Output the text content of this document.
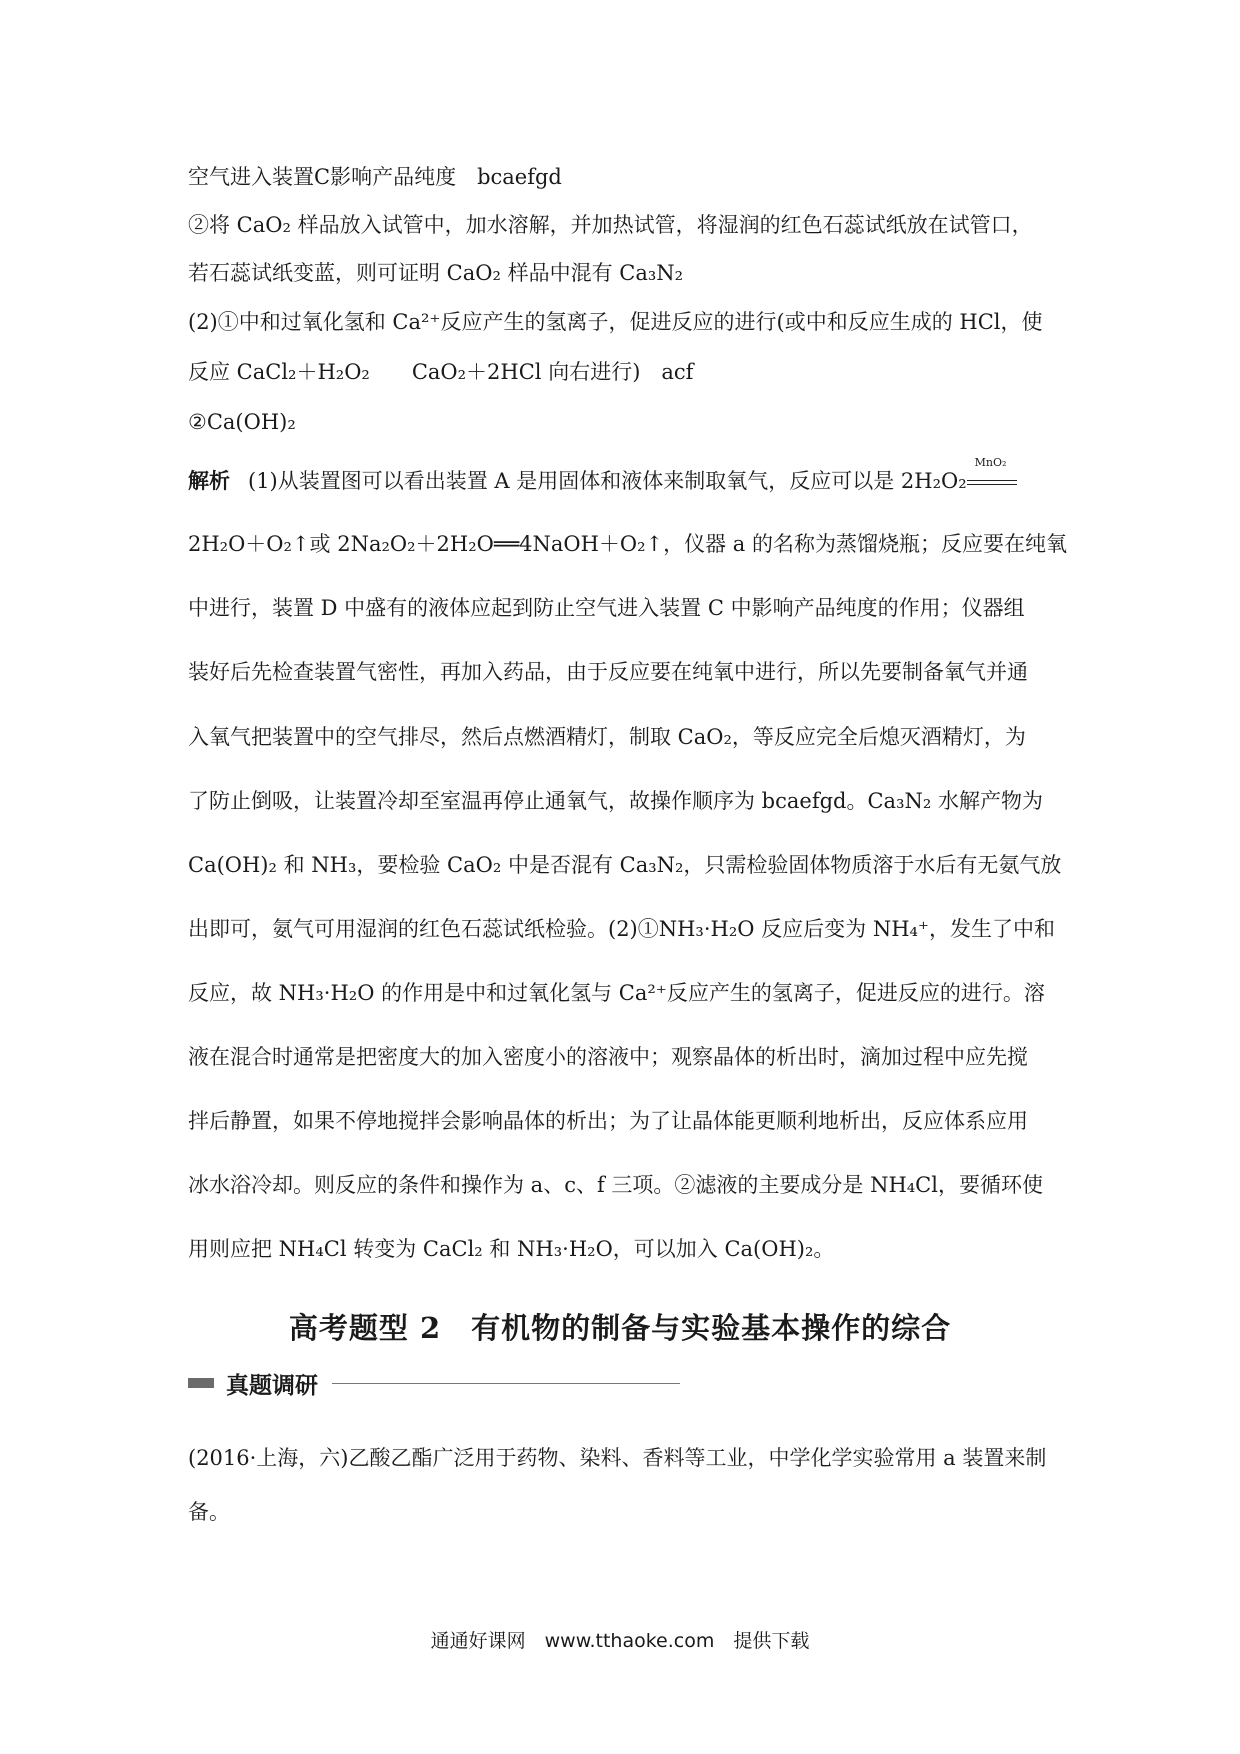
空气进入装置C影响产品纯度　bcaefgd
②将 CaO₂ 样品放入试管中，加水溶解，并加热试管，将湿润的红色石蕊试纸放在试管口，
若石蕊试纸变蓝，则可证明 CaO₂ 样品中混有 Ca₃N₂
(2)①中和过氧化氢和 Ca²⁺反应产生的氢离子，促进反应的进行(或中和反应生成的 HCl，使
反应 CaCl₂＋H₂O₂　　CaO₂＋2HCl 向右进行)　acf
②Ca(OH)₂
解析 (1)从装置图可以看出装置 A 是用固体和液体来制取氧气，反应可以是 2H₂O₂
MnO₂
2H₂O＋O₂↑或 2Na₂O₂＋2H₂O══4NaOH＋O₂↑，仪器 a 的名称为蒸馏烧瓶；反应要在纯氧
中进行，装置 D 中盛有的液体应起到防止空气进入装置 C 中影响产品纯度的作用；仪器组
装好后先检查装置气密性，再加入药品，由于反应要在纯氧中进行，所以先要制备氧气并通
入氧气把装置中的空气排尽，然后点燃酒精灯，制取 CaO₂，等反应完全后熄灭酒精灯，为
了防止倒吸，让装置冷却至室温再停止通氧气，故操作顺序为 bcaefgd。Ca₃N₂ 水解产物为
Ca(OH)₂ 和 NH₃，要检验 CaO₂ 中是否混有 Ca₃N₂，只需检验固体物质溶于水后有无氨气放
出即可，氨气可用湿润的红色石蕊试纸检验。(2)①NH₃·H₂O 反应后变为 NH₄⁺，发生了中和
反应，故 NH₃·H₂O 的作用是中和过氧化氢与 Ca²⁺反应产生的氢离子，促进反应的进行。溶
液在混合时通常是把密度大的加入密度小的溶液中；观察晶体的析出时，滴加过程中应先搅
拌后静置，如果不停地搅拌会影响晶体的析出；为了让晶体能更顺利地析出，反应体系应用
冰水浴冷却。则反应的条件和操作为 a、c、f 三项。②滤液的主要成分是 NH₄Cl，要循环使
用则应把 NH₄Cl 转变为 CaCl₂ 和 NH₃·H₂O，可以加入 Ca(OH)₂。
高考题型 2　有机物的制备与实验基本操作的综合
真题调研
(2016·上海，六)乙酸乙酯广泛用于药物、染料、香料等工业，中学化学实验常用 a 装置来制
备。
通通好课网　www.tthaoke.com　提供下载
